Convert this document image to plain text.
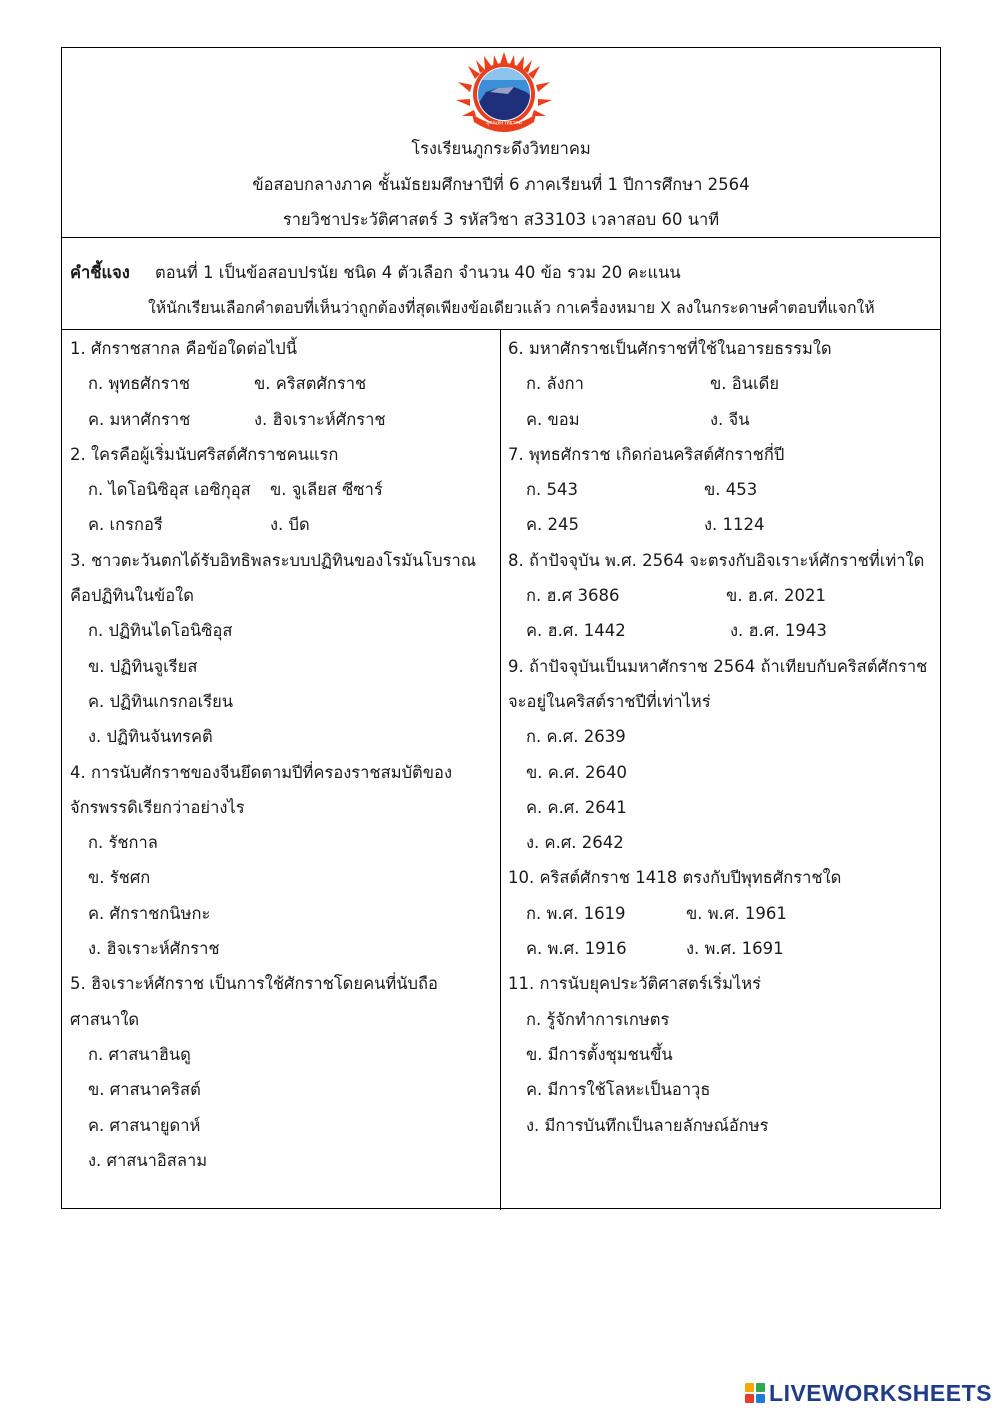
ภูกระดึงวิทยาคม
โรงเรียนภูกระดึงวิทยาคม
ข้อสอบกลางภาค ชั้นมัธยมศึกษาปีที่ 6 ภาคเรียนที่ 1 ปีการศึกษา 2564
รายวิชาประวัติศาสตร์ 3 รหัสวิชา ส33103 เวลาสอบ 60 นาที
คำชี้แจง ตอนที่ 1 เป็นข้อสอบปรนัย ชนิด 4 ตัวเลือก จำนวน 40 ข้อ รวม 20 คะแนน
ให้นักเรียนเลือกคำตอบที่เห็นว่าถูกต้องที่สุดเพียงข้อเดียวแล้ว กาเครื่องหมาย X ลงในกระดาษคำตอบที่แจกให้
1. ศักราชสากล คือข้อใดต่อไปนี้
ก. พุทธศักราช	ข. คริสตศักราช
ค. มหาศักราช	ง. ฮิจเราะห์ศักราช
2. ใครคือผู้เริ่มนับศริสต์ศักราชคนแรก
ก. ไดโอนิซิอุส เอซิกุอุส ข. จูเลียส ซีซาร์
ค. เกรกอรี	ง. บีด
3. ชาวตะวันตกได้รับอิทธิพลระบบปฏิทินของโรมันโบราณ
คือปฏิทินในข้อใด
ก. ปฏิทินไดโอนิซิอุส
ข. ปฏิทินจูเรียส
ค. ปฏิทินเกรกอเรียน
ง. ปฏิทินจันทรคติ
4. การนับศักราชของจีนยึดตามปีที่ครองราชสมบัติของ
จักรพรรดิเรียกว่าอย่างไร
ก. รัชกาล
ข. รัชศก
ค. ศักราชกนิษกะ
ง. ฮิจเราะห์ศักราช
5. ฮิจเราะห์ศักราช เป็นการใช้ศักราชโดยคนที่นับถือ
ศาสนาใด
ก. ศาสนาฮินดู
ข. ศาสนาคริสต์
ค. ศาสนายูดาห์
ง. ศาสนาอิสลาม
6. มหาศักราชเป็นศักราชที่ใช้ในอารยธรรมใด
ก. ลังกา	ข. อินเดีย
ค. ขอม	ง. จีน
7. พุทธศักราช เกิดก่อนคริสต์ศักราชกี่ปี
ก. 543	ข. 453
ค. 245	ง. 1124
8. ถ้าปัจจุบัน พ.ศ. 2564 จะตรงกับอิจเราะห์ศักราชที่เท่าใด
ก. ฮ.ศ 3686	ข. ฮ.ศ. 2021
ค. ฮ.ศ. 1442	ง. ฮ.ศ. 1943
9. ถ้าปัจจุบันเป็นมหาศักราช 2564 ถ้าเทียบกับคริสต์ศักราช
จะอยู่ในคริสต์ราชปีที่เท่าไหร่
ก. ค.ศ. 2639
ข. ค.ศ. 2640
ค. ค.ศ. 2641
ง. ค.ศ. 2642
10. คริสต์ศักราช 1418 ตรงกับปีพุทธศักราชใด
ก. พ.ศ. 1619	ข. พ.ศ. 1961
ค. พ.ศ. 1916	ง. พ.ศ. 1691
11. การนับยุคประวัติศาสตร์เริ่มไหร่
ก. รู้จักทำการเกษตร
ข. มีการตั้งชุมชนขึ้น
ค. มีการใช้โลหะเป็นอาวุธ
ง. มีการบันทึกเป็นลายลักษณ์อักษร
LIVEWORKSHEETS
